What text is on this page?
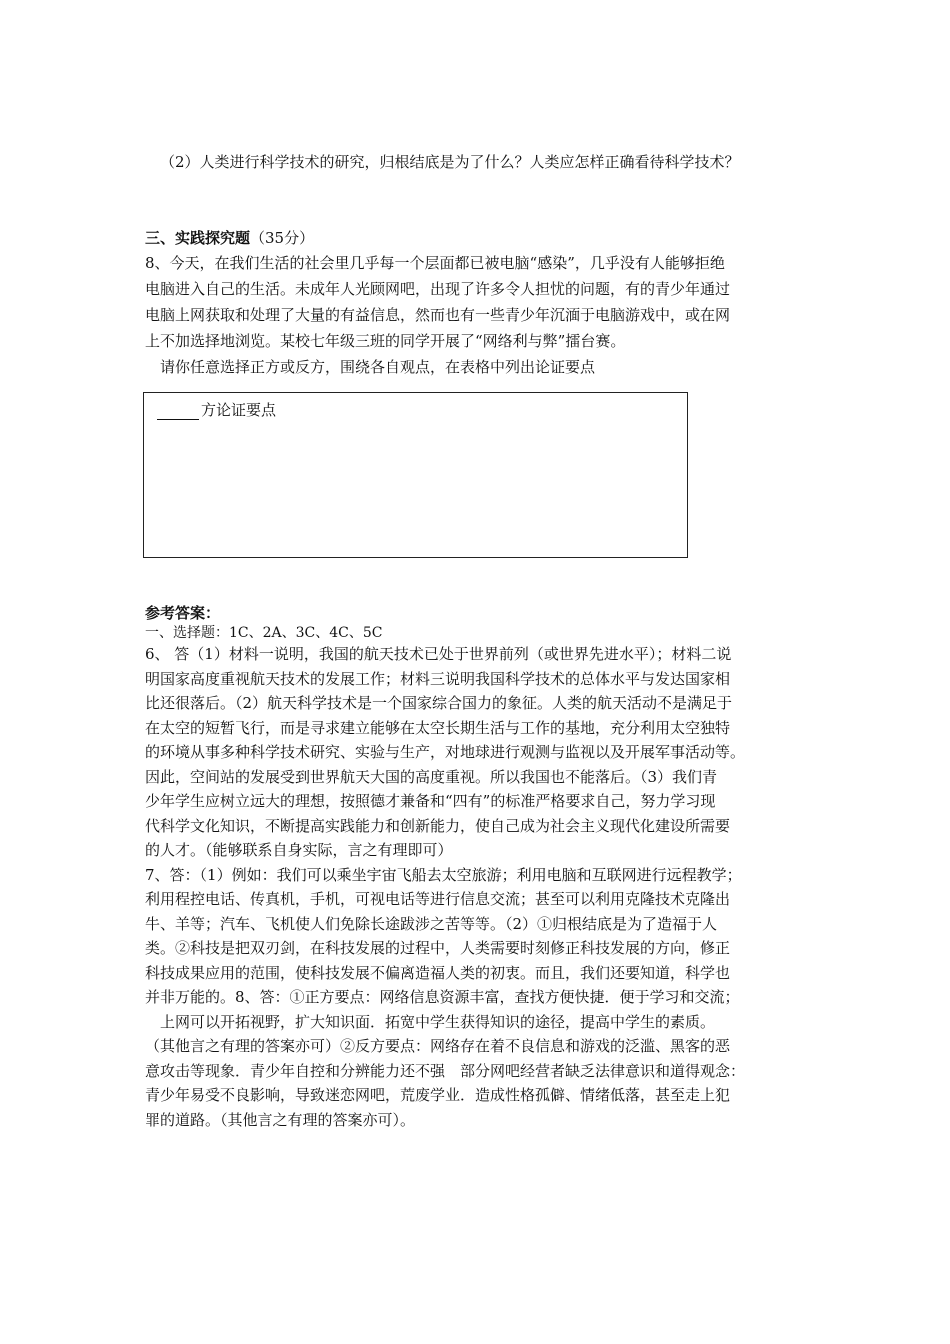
（2）人类进行科学技术的研究，归根结底是为了什么？人类应怎样正确看待科学技术？
三、实践探究题（35分）
8、今天，在我们生活的社会里几乎每一个层面都已被电脑“感染”，几乎没有人能够拒绝
电脑进入自己的生活。未成年人光顾网吧，出现了许多令人担忧的问题，有的青少年通过
电脑上网获取和处理了大量的有益信息，然而也有一些青少年沉湎于电脑游戏中，或在网
上不加选择地浏览。某校七年级三班的同学开展了“网络利与弊”擂台赛。
　请你任意选择正方或反方，围绕各自观点，在表格中列出论证要点
方论证要点
参考答案：
一、选择题：1C、2A、3C、4C、5C
6、 答（1）材料一说明，我国的航天技术已处于世界前列（或世界先进水平）；材料二说
明国家高度重视航天技术的发展工作；材料三说明我国科学技术的总体水平与发达国家相
比还很落后。（2）航天科学技术是一个国家综合国力的象征。人类的航天活动不是满足于
在太空的短暂飞行，而是寻求建立能够在太空长期生活与工作的基地，充分利用太空独特
的环境从事多种科学技术研究、实验与生产，对地球进行观测与监视以及开展军事活动等。
因此，空间站的发展受到世界航天大国的高度重视。所以我国也不能落后。（3）我们青
少年学生应树立远大的理想，按照德才兼备和“四有”的标准严格要求自己，努力学习现
代科学文化知识，不断提高实践能力和创新能力，使自己成为社会主义现代化建设所需要
的人才。（能够联系自身实际，言之有理即可）
7、答：（1）例如：我们可以乘坐宇宙飞船去太空旅游；利用电脑和互联网进行远程教学；
利用程控电话、传真机，手机，可视电话等进行信息交流；甚至可以利用克隆技术克隆出
牛、羊等；汽车、飞机使人们免除长途跋涉之苦等等。（2）①归根结底是为了造福于人
类。②科技是把双刃剑，在科技发展的过程中，人类需要时刻修正科技发展的方向，修正
科技成果应用的范围，使科技发展不偏离造福人类的初衷。而且，我们还要知道，科学也
并非万能的。8、答：①正方要点：网络信息资源丰富，查找方便快捷．便于学习和交流；
　上网可以开拓视野，扩大知识面．拓宽中学生获得知识的途径，提高中学生的素质。
（其他言之有理的答案亦可）②反方要点：网络存在着不良信息和游戏的泛滥、黑客的恶
意攻击等现象．青少年自控和分辨能力还不强　部分网吧经营者缺乏法律意识和道得观念：
青少年易受不良影响，导致迷恋网吧，荒废学业．造成性格孤僻、情绪低落，甚至走上犯
罪的道路。（其他言之有理的答案亦可）。
